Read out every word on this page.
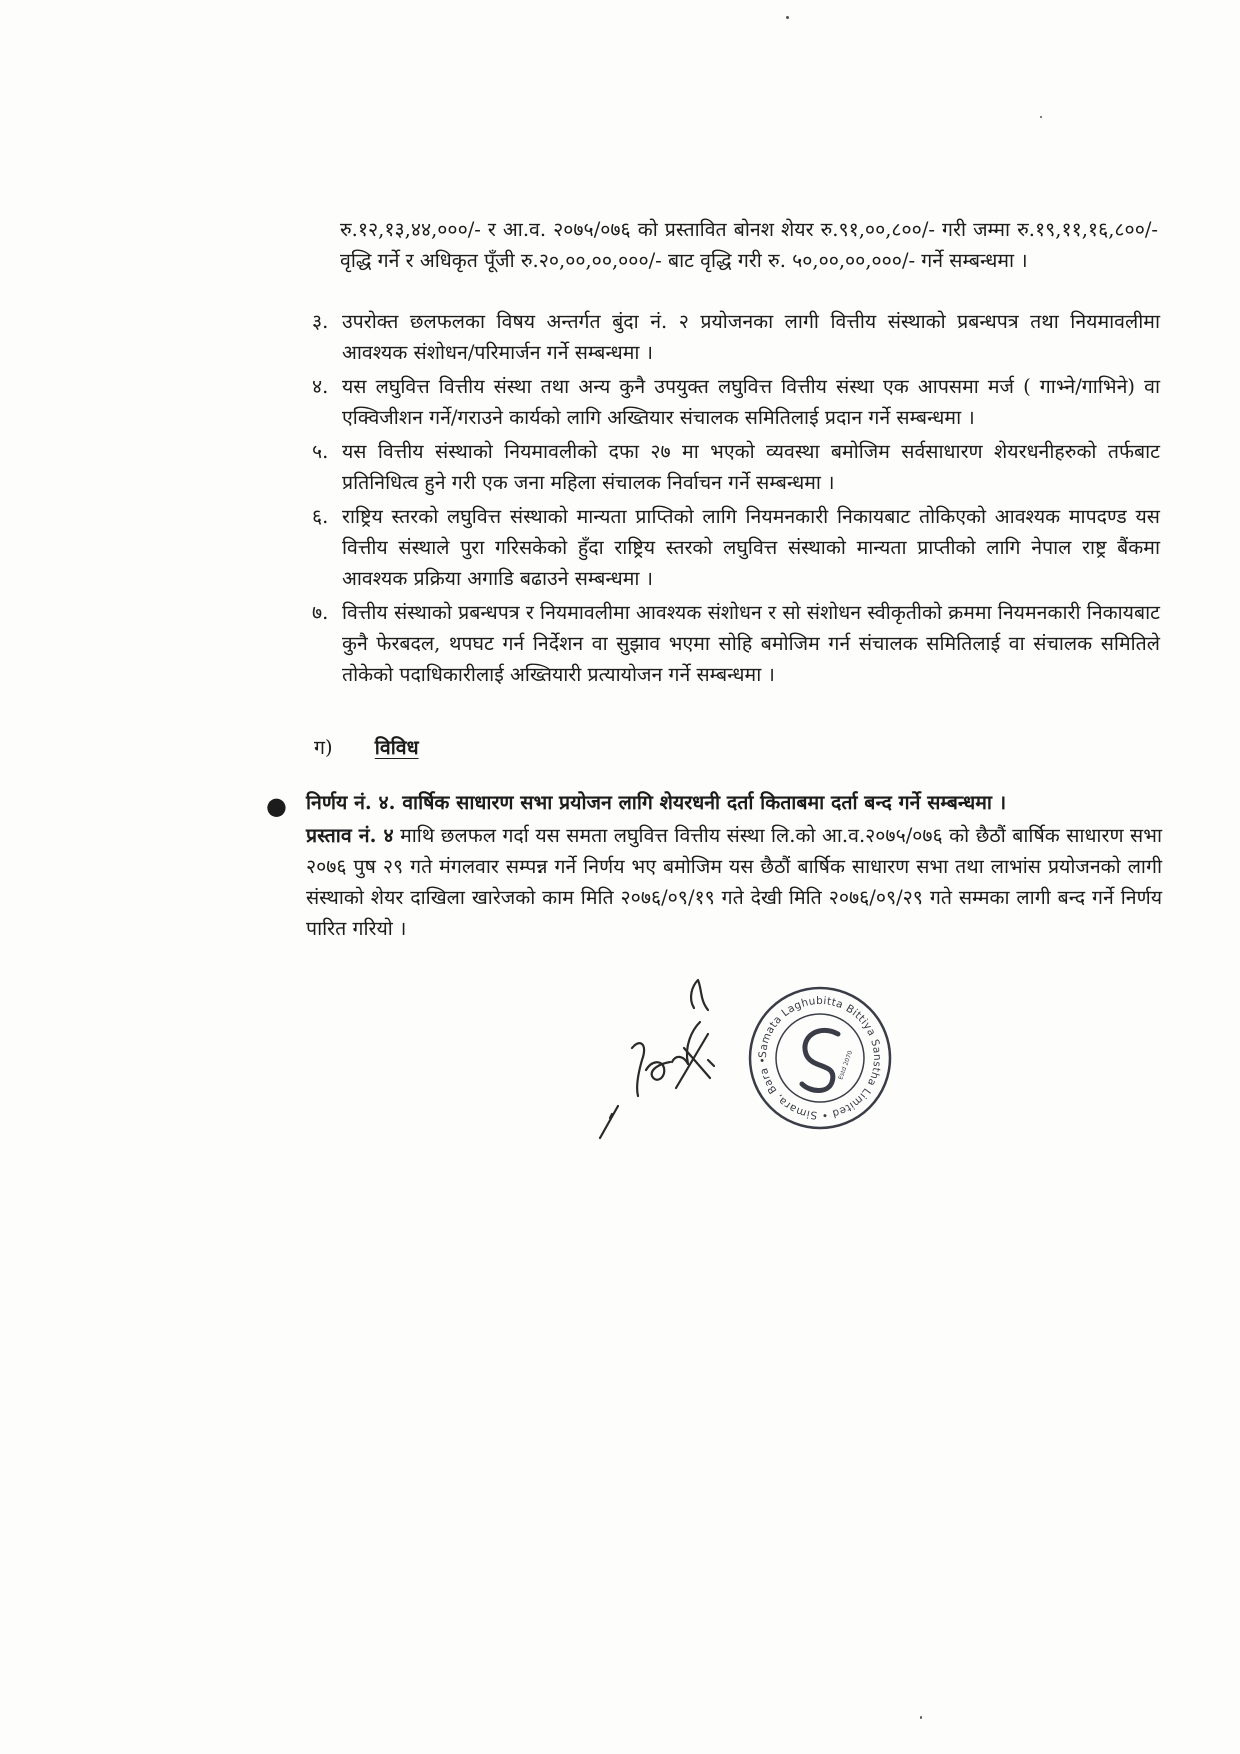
रु.१२,१३,४४,०००/- र आ.व. २०७५/०७६ को प्रस्तावित बोनश शेयर रु.९१,००,८००/- गरी जम्मा रु.१९,११,१६,८००/- वृद्धि गर्ने र अधिकृत पूँजी रु.२०,००,००,०००/- बाट वृद्धि गरी रु. ५०,००,००,०००/- गर्ने सम्बन्धमा ।

३. उपरोक्त छलफलका विषय अन्तर्गत बुंदा नं. २ प्रयोजनका लागी वित्तीय संस्थाको प्रबन्धपत्र तथा नियमावलीमा आवश्यक संशोधन/परिमार्जन गर्ने सम्बन्धमा ।
४. यस लघुवित्त वित्तीय संस्था तथा अन्य कुनै उपयुक्त लघुवित्त वित्तीय संस्था एक आपसमा मर्ज ( गाभ्ने/गाभिने) वा एक्विजीशन गर्ने/गराउने कार्यको लागि अख्तियार संचालक समितिलाई प्रदान गर्ने सम्बन्धमा ।
५. यस वित्तीय संस्थाको नियमावलीको दफा २७ मा भएको व्यवस्था बमोजिम सर्वसाधारण शेयरधनीहरुको तर्फबाट प्रतिनिधित्व हुने गरी एक जना महिला संचालक निर्वाचन गर्ने सम्बन्धमा ।
६. राष्ट्रिय स्तरको लघुवित्त संस्थाको मान्यता प्राप्तिको लागि नियमनकारी निकायबाट तोकिएको आवश्यक मापदण्ड यस वित्तीय संस्थाले पुरा गरिसकेको हुँदा राष्ट्रिय स्तरको लघुवित्त संस्थाको मान्यता प्राप्तीको लागि नेपाल राष्ट्र बैंकमा आवश्यक प्रक्रिया अगाडि बढाउने सम्बन्धमा ।
७. वित्तीय संस्थाको प्रबन्धपत्र र नियमावलीमा आवश्यक संशोधन र सो संशोधन स्वीकृतीको क्रममा नियमनकारी निकायबाट कुनै फेरबदल, थपघट गर्न निर्देशन वा सुझाव भएमा सोहि बमोजिम गर्न संचालक समितिलाई वा संचालक समितिले तोकेको पदाधिकारीलाई अख्तियारी प्रत्यायोजन गर्ने सम्बन्धमा ।
ग) विविध
● निर्णय नं. ४. वार्षिक साधारण सभा प्रयोजन लागि शेयरधनी दर्ता किताबमा दर्ता बन्द गर्ने सम्बन्धमा ।
प्रस्ताव नं. ४ माथि छलफल गर्दा यस समता लघुवित्त वित्तीय संस्था लि.को आ.व.२०७५/०७६ को छैठौं बार्षिक साधारण सभा २०७६ पुष २९ गते मंगलवार सम्पन्न गर्ने निर्णय भए बमोजिम यस छैठौं बार्षिक साधारण सभा तथा लाभांस प्रयोजनको लागी संस्थाको शेयर दाखिला खारेजको काम मिति २०७६/०९/१९ गते देखी मिति २०७६/०९/२९ गते सम्मका लागी बन्द गर्ने निर्णय पारित गरियो ।
Samata Laghubitta Bittiya Sanstha Limited • Simara, Bara •	Estd 2070
